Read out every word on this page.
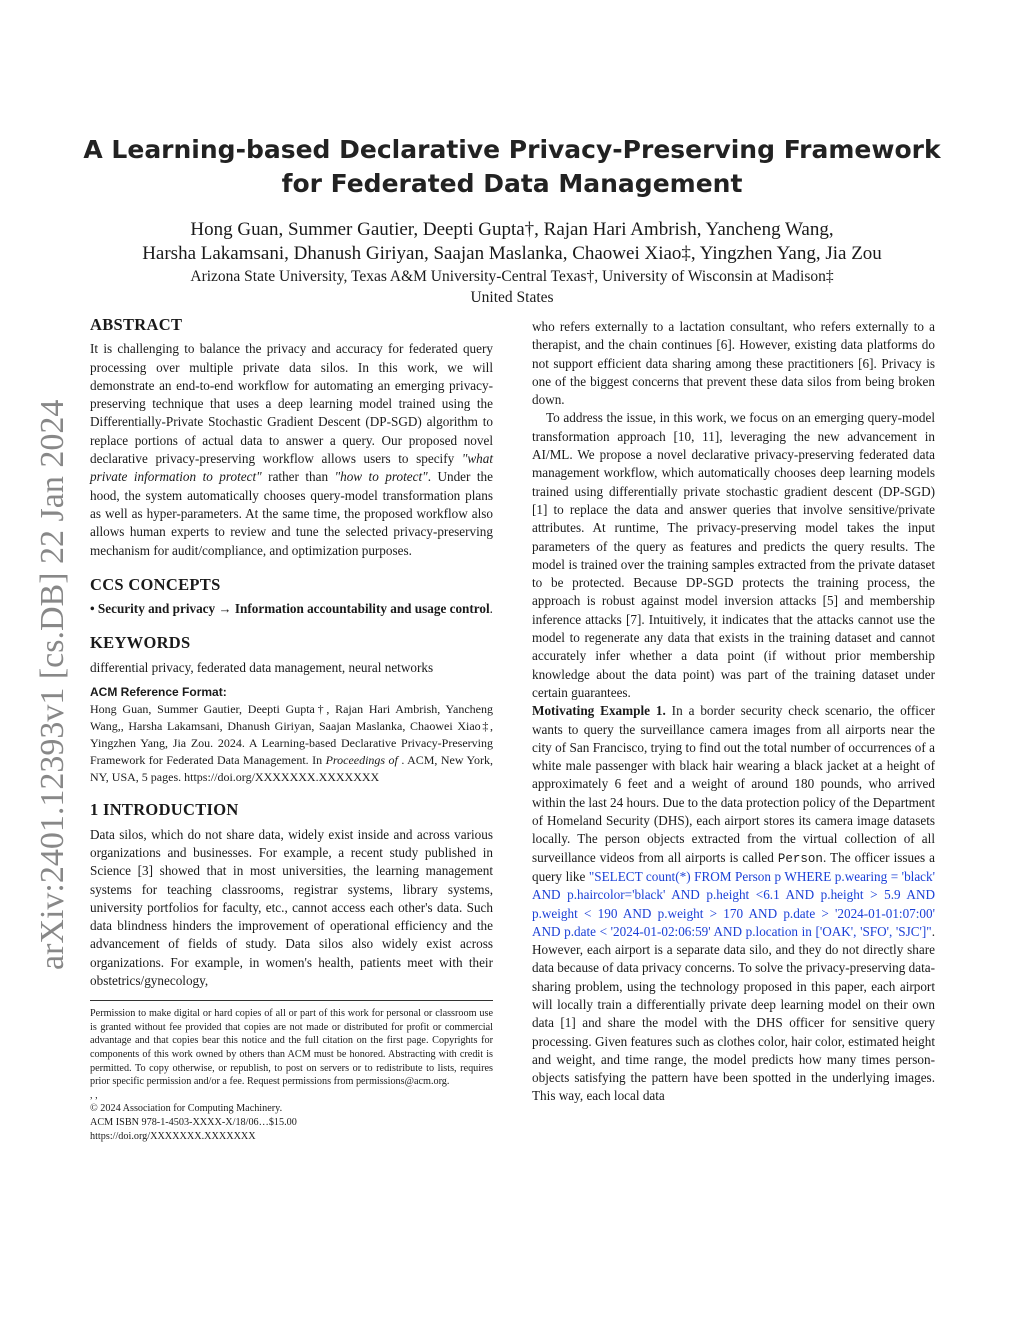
arXiv:2401.12393v1 [cs.DB] 22 Jan 2024
A Learning-based Declarative Privacy-Preserving Framework
for Federated Data Management
Hong Guan, Summer Gautier, Deepti Gupta†, Rajan Hari Ambrish, Yancheng Wang,
Harsha Lakamsani, Dhanush Giriyan, Saajan Maslanka, Chaowei Xiao‡, Yingzhen Yang, Jia Zou
Arizona State University, Texas A&M University-Central Texas†, University of Wisconsin at Madison‡
United States
ABSTRACT

It is challenging to balance the privacy and accuracy for federated query processing over multiple private data silos. In this work, we will demonstrate an end-to-end workflow for automating an emerging privacy-preserving technique that uses a deep learning model trained using the Differentially-Private Stochastic Gradient Descent (DP-SGD) algorithm to replace portions of actual data to answer a query. Our proposed novel declarative privacy-preserving workflow allows users to specify "what private information to protect" rather than "how to protect". Under the hood, the system automatically chooses query-model transformation plans as well as hyper-parameters. At the same time, the proposed workflow also allows human experts to review and tune the selected privacy-preserving mechanism for audit/compliance, and optimization purposes.

CCS CONCEPTS

• Security and privacy → Information accountability and usage control.

KEYWORDS

differential privacy, federated data management, neural networks

ACM Reference Format:

Hong Guan, Summer Gautier, Deepti Gupta†, Rajan Hari Ambrish, Yancheng Wang,, Harsha Lakamsani, Dhanush Giriyan, Saajan Maslanka, Chaowei Xiao‡, Yingzhen Yang, Jia Zou. 2024. A Learning-based Declarative Privacy-Preserving Framework for Federated Data Management. In Proceedings of . ACM, New York, NY, USA, 5 pages. https://doi.org/XXXXXXX.XXXXXXX

1 INTRODUCTION

Data silos, which do not share data, widely exist inside and across various organizations and businesses. For example, a recent study published in Science [3] showed that in most universities, the learning management systems for teaching classrooms, registrar systems, library systems, university portfolios for faculty, etc., cannot access each other's data. Such data blindness hinders the improvement of operational efficiency and the advancement of fields of study. Data silos also widely exist across organizations. For example, in women's health, patients meet with their obstetrics/gynecology,

Permission to make digital or hard copies of all or part of this work for personal or classroom use is granted without fee provided that copies are not made or distributed for profit or commercial advantage and that copies bear this notice and the full citation on the first page. Copyrights for components of this work owned by others than ACM must be honored. Abstracting with credit is permitted. To copy otherwise, or republish, to post on servers or to redistribute to lists, requires prior specific permission and/or a fee. Request permissions from permissions@acm.org.

, ,

© 2024 Association for Computing Machinery.

ACM ISBN 978-1-4503-XXXX-X/18/06…$15.00

https://doi.org/XXXXXXX.XXXXXXX

who refers externally to a lactation consultant, who refers externally to a therapist, and the chain continues [6]. However, existing data platforms do not support efficient data sharing among these practitioners [6]. Privacy is one of the biggest concerns that prevent these data silos from being broken down.

To address the issue, in this work, we focus on an emerging query-model transformation approach [10, 11], leveraging the new advancement in AI/ML. We propose a novel declarative privacy-preserving federated data management workflow, which automatically chooses deep learning models trained using differentially private stochastic gradient descent (DP-SGD) [1] to replace the data and answer queries that involve sensitive/private attributes. At runtime, The privacy-preserving model takes the input parameters of the query as features and predicts the query results. The model is trained over the training samples extracted from the private dataset to be protected. Because DP-SGD protects the training process, the approach is robust against model inversion attacks [5] and membership inference attacks [7]. Intuitively, it indicates that the attacks cannot use the model to regenerate any data that exists in the training dataset and cannot accurately infer whether a data point (if without prior membership knowledge about the data point) was part of the training dataset under certain guarantees.

Motivating Example 1. In a border security check scenario, the officer wants to query the surveillance camera images from all airports near the city of San Francisco, trying to find out the total number of occurrences of a white male passenger with black hair wearing a black jacket at a height of approximately 6 feet and a weight of around 180 pounds, who arrived within the last 24 hours. Due to the data protection policy of the Department of Homeland Security (DHS), each airport stores its camera image datasets locally. The person objects extracted from the virtual collection of all surveillance videos from all airports is called Person. The officer issues a query like "SELECT count(*) FROM Person p WHERE p.wearing = 'black' AND p.haircolor='black' AND p.height <6.1 AND p.height > 5.9 AND p.weight < 190 AND p.weight > 170 AND p.date > '2024-01-01:07:00' AND p.date < '2024-01-02:06:59' AND p.location in ['OAK', 'SFO', 'SJC']". However, each airport is a separate data silo, and they do not directly share data because of data privacy concerns. To solve the privacy-preserving data-sharing problem, using the technology proposed in this paper, each airport will locally train a differentially private deep learning model on their own data [1] and share the model with the DHS officer for sensitive query processing. Given features such as clothes color, hair color, estimated height and weight, and time range, the model predicts how many times person-objects satisfying the pattern have been spotted in the underlying images. This way, each local data
